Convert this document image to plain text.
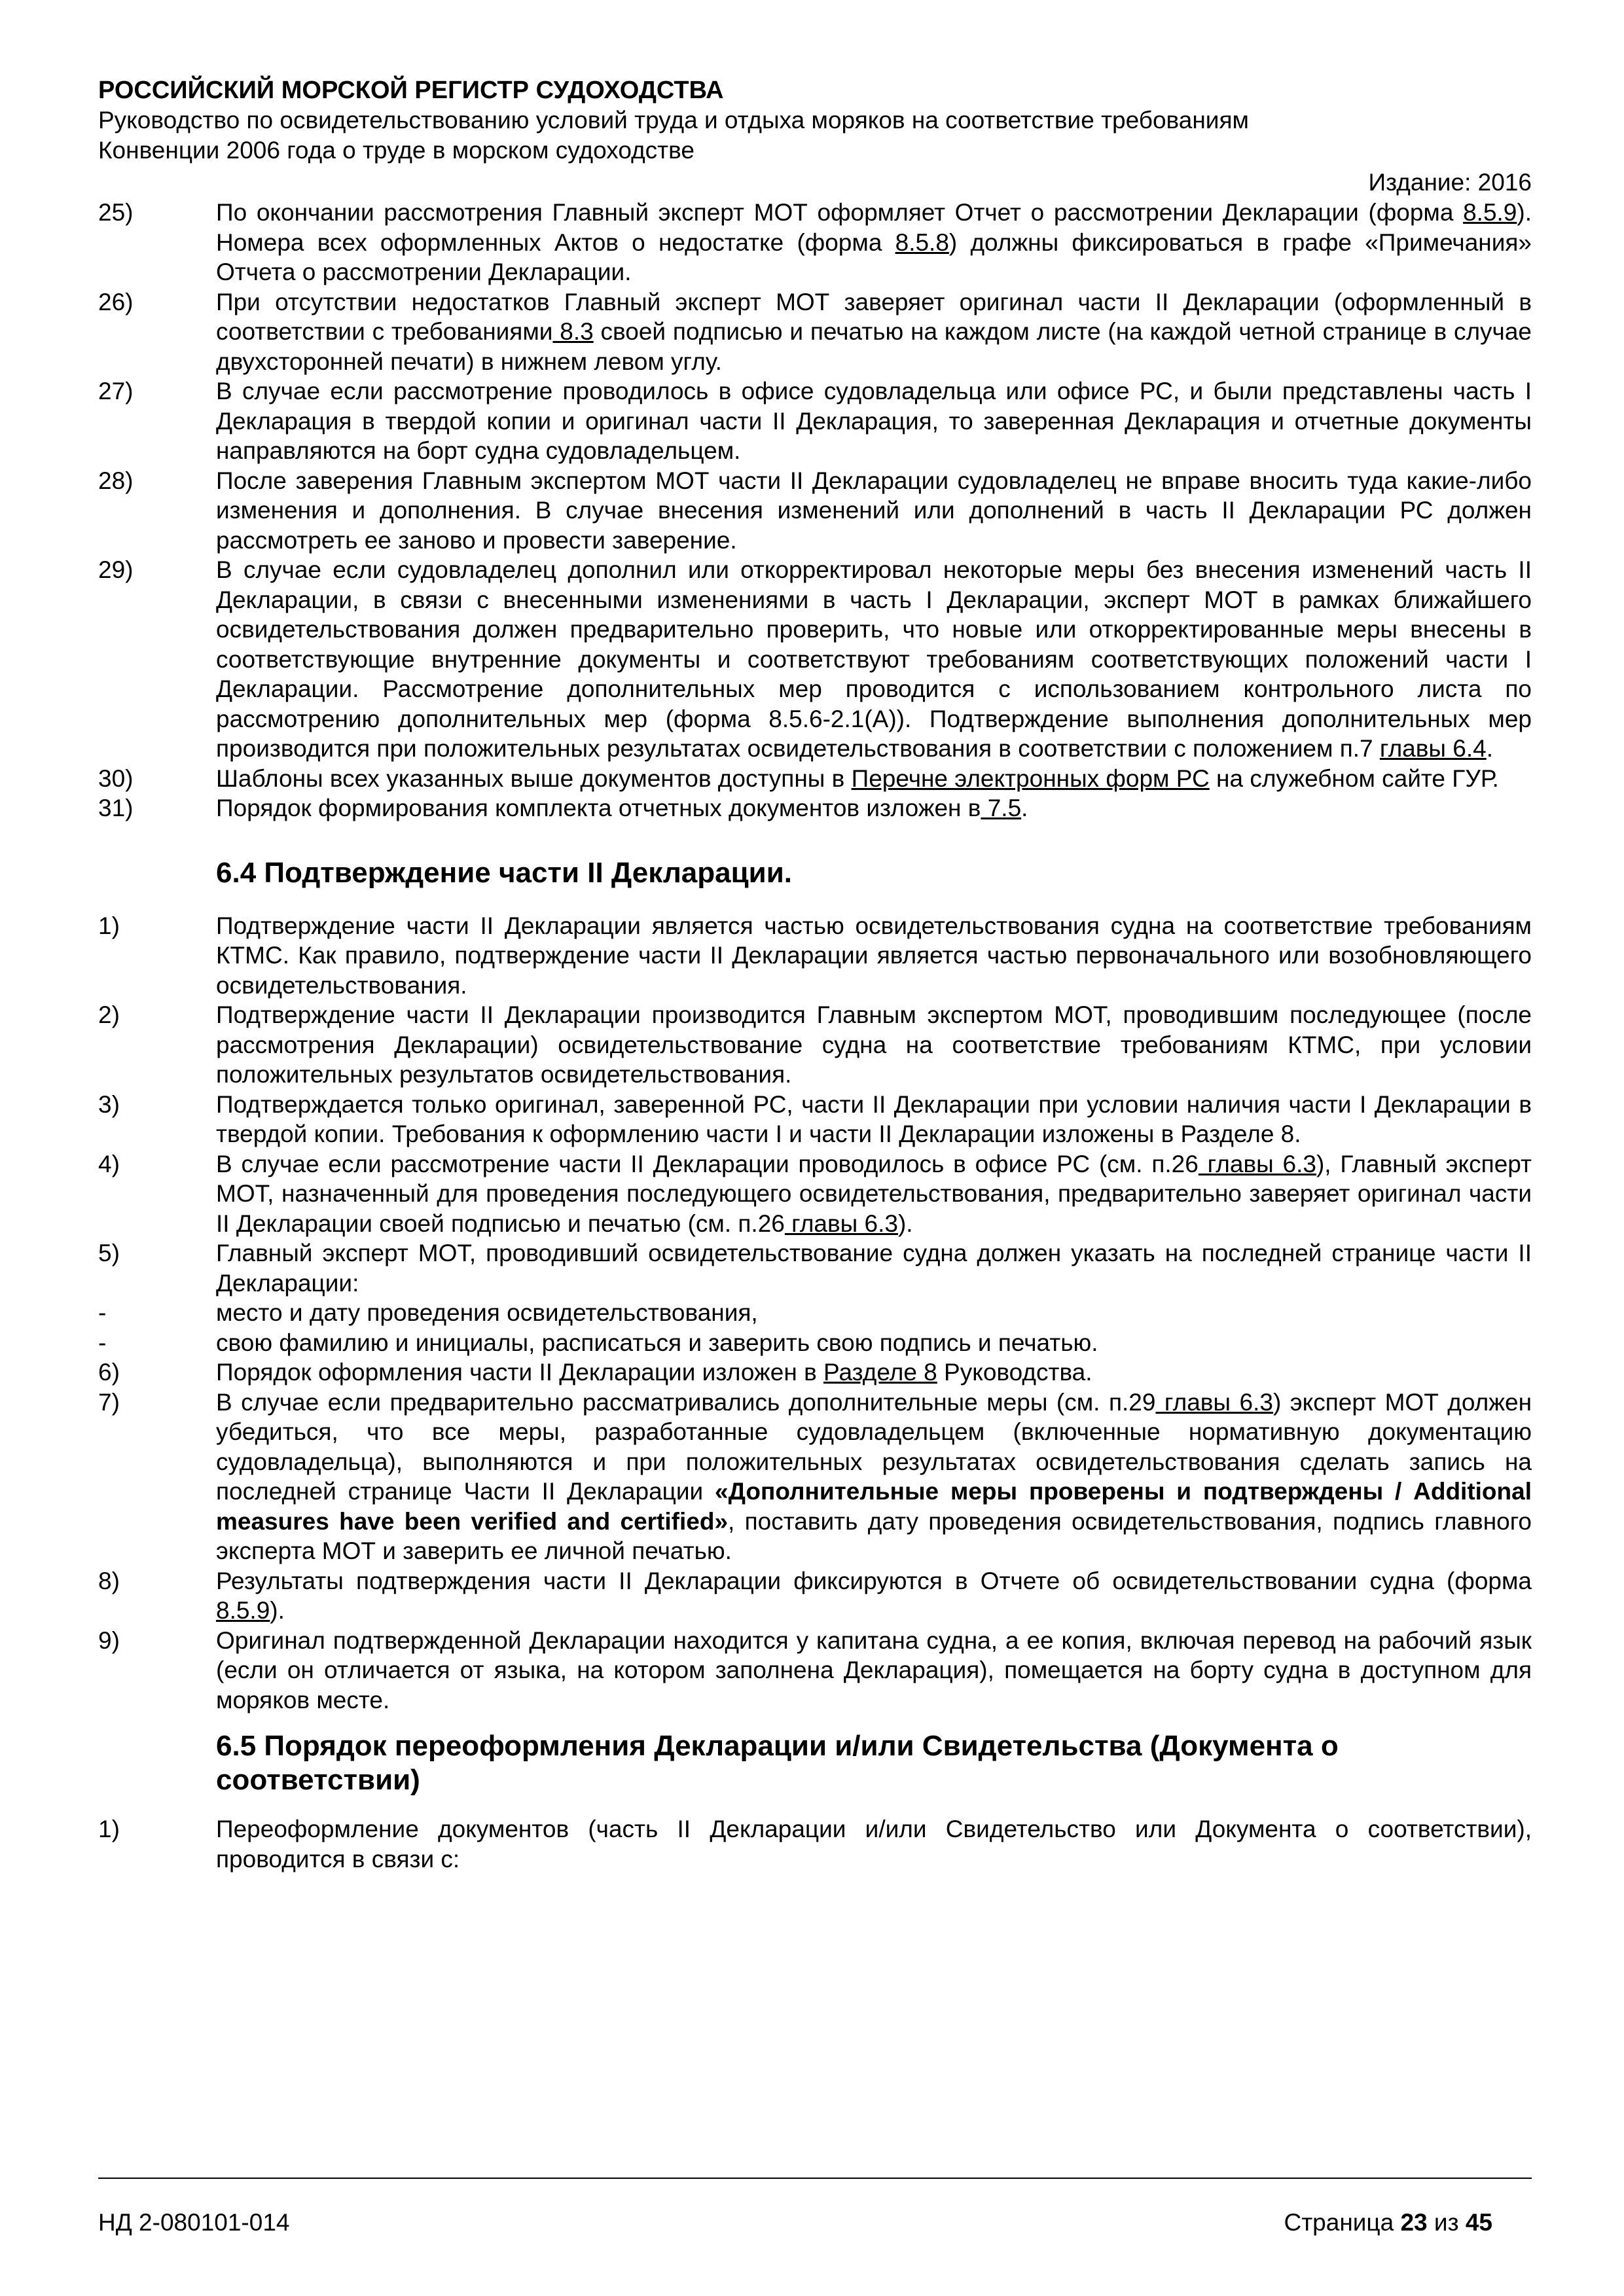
РОССИЙСКИЙ МОРСКОЙ РЕГИСТР СУДОХОДСТВА
Руководство по освидетельствованию условий труда и отдыха моряков на соответствие требованиям
Конвенции 2006 года о труде в морском судоходстве
Издание: 2016
25)	По окончании рассмотрения Главный эксперт МОТ оформляет Отчет о рассмотрении Декларации (форма 8.5.9). Номера всех оформленных Актов о недостатке (форма 8.5.8) должны фиксироваться в графе «Примечания» Отчета о рассмотрении Декларации.
26)	При отсутствии недостатков Главный эксперт МОТ заверяет оригинал части II Декларации (оформленный в соответствии с требованиями 8.3 своей подписью и печатью на каждом листе (на каждой четной странице в случае двухсторонней печати) в нижнем левом углу.
27)	В случае если рассмотрение проводилось в офисе судовладельца или офисе РС, и были представлены часть I Декларация в твердой копии и оригинал части II Декларация, то заверенная Декларация и отчетные документы направляются на борт судна судовладельцем.
28)	После заверения Главным экспертом МОТ части II Декларации судовладелец не вправе вносить туда какие-либо изменения и дополнения. В случае внесения изменений или дополнений в часть II Декларации РС должен рассмотреть ее заново и провести заверение.
29)	В случае если судовладелец дополнил или откорректировал некоторые меры без внесения изменений часть II Декларации, в связи с внесенными изменениями в часть I Декларации, эксперт МОТ в рамках ближайшего освидетельствования должен предварительно проверить, что новые или откорректированные меры внесены в соответствующие внутренние документы и соответствуют требованиям соответствующих положений части I Декларации. Рассмотрение дополнительных мер проводится с использованием контрольного листа по рассмотрению дополнительных мер (форма 8.5.6-2.1(А)). Подтверждение выполнения дополнительных мер производится при положительных результатах освидетельствования в соответствии с положением п.7 главы 6.4.
30)	Шаблоны всех указанных выше документов доступны в Перечне электронных форм РС на служебном сайте ГУР.
31)	Порядок формирования комплекта отчетных документов изложен в 7.5.
6.4 Подтверждение части II Декларации.
1)	Подтверждение части II Декларации является частью освидетельствования судна на соответствие требованиям КТМС. Как правило, подтверждение части II Декларации является частью первоначального или возобновляющего освидетельствования.
2)	Подтверждение части II Декларации производится Главным экспертом МОТ, проводившим последующее (после рассмотрения Декларации) освидетельствование судна на соответствие требованиям КТМС, при условии положительных результатов освидетельствования.
3)	Подтверждается только оригинал, заверенной РС, части II Декларации при условии наличия части I Декларации в твердой копии. Требования к оформлению части I и части II Декларации изложены в Разделе 8.
4)	В случае если рассмотрение части II Декларации проводилось в офисе РС (см. п.26 главы 6.3), Главный эксперт МОТ, назначенный для проведения последующего освидетельствования, предварительно заверяет оригинал части II Декларации своей подписью и печатью (см. п.26 главы 6.3).
5)	Главный эксперт МОТ, проводивший освидетельствование судна должен указать на последней странице части II Декларации:
-	место и дату проведения освидетельствования,
-	свою фамилию и инициалы, расписаться и заверить свою подпись и печатью.
6)	Порядок оформления части II Декларации изложен в Разделе 8 Руководства.
7)	В случае если предварительно рассматривались дополнительные меры (см. п.29 главы 6.3) эксперт МОТ должен убедиться, что все меры, разработанные судовладельцем (включенные нормативную документацию судовладельца), выполняются и при положительных результатах освидетельствования сделать запись на последней странице Части II Декларации «Дополнительные меры проверены и подтверждены / Additional measures have been verified and certified», поставить дату проведения освидетельствования, подпись главного эксперта МОТ и заверить ее личной печатью.
8)	Результаты подтверждения части II Декларации фиксируются в Отчете об освидетельствовании судна (форма 8.5.9).
9)	Оригинал подтвержденной Декларации находится у капитана судна, а ее копия, включая перевод на рабочий язык (если он отличается от языка, на котором заполнена Декларация), помещается на борту судна в доступном для моряков месте.
6.5 Порядок переоформления Декларации и/или Свидетельства (Документа о соответствии)
1)	Переоформление документов (часть II Декларации и/или Свидетельство или Документа о соответствии), проводится в связи с:
НД 2-080101-014	Страница 23 из 45
